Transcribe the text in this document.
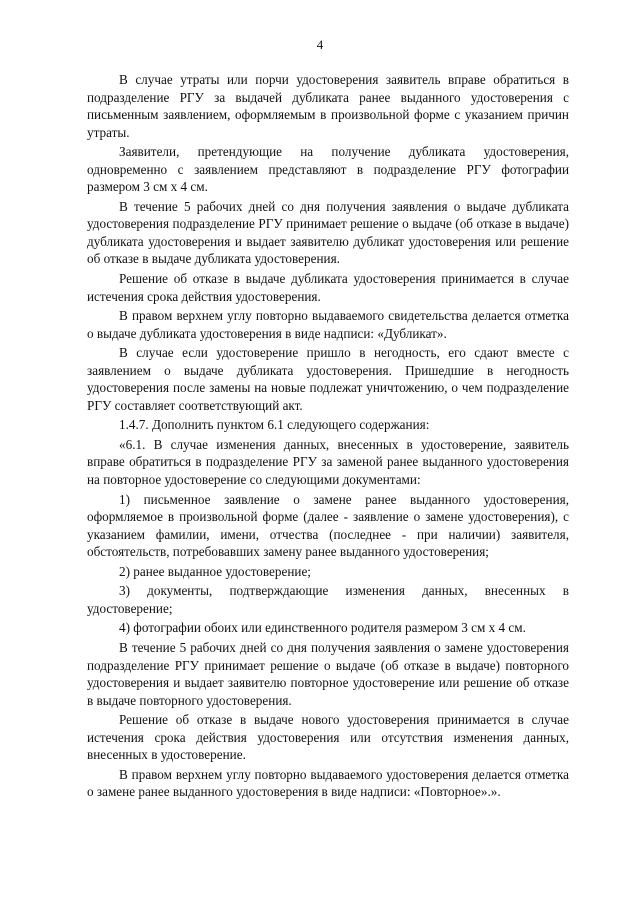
4

В случае утраты или порчи удостоверения заявитель вправе обратиться в подразделение РГУ за выдачей дубликата ранее выданного удостоверения с письменным заявлением, оформляемым в произвольной форме с указанием причин утраты.

Заявители, претендующие на получение дубликата удостоверения, одновременно с заявлением представляют в подразделение РГУ фотографии размером 3 см x 4 см.

В течение 5 рабочих дней со дня получения заявления о выдаче дубликата удостоверения подразделение РГУ принимает решение о выдаче (об отказе в выдаче) дубликата удостоверения и выдает заявителю дубликат удостоверения или решение об отказе в выдаче дубликата удостоверения.

Решение об отказе в выдаче дубликата удостоверения принимается в случае истечения срока действия удостоверения.

В правом верхнем углу повторно выдаваемого свидетельства делается отметка о выдаче дубликата удостоверения в виде надписи: «Дубликат».

В случае если удостоверение пришло в негодность, его сдают вместе с заявлением о выдаче дубликата удостоверения. Пришедшие в негодность удостоверения после замены на новые подлежат уничтожению, о чем подразделение РГУ составляет соответствующий акт.

1.4.7. Дополнить пунктом 6.1 следующего содержания:

«6.1. В случае изменения данных, внесенных в удостоверение, заявитель вправе обратиться в подразделение РГУ за заменой ранее выданного удостоверения на повторное удостоверение со следующими документами:

1) письменное заявление о замене ранее выданного удостоверения, оформляемое в произвольной форме (далее - заявление о замене удостоверения), с указанием фамилии, имени, отчества (последнее - при наличии) заявителя, обстоятельств, потребовавших замену ранее выданного удостоверения;

2) ранее выданное удостоверение;

3) документы, подтверждающие изменения данных, внесенных в удостоверение;

4) фотографии обоих или единственного родителя размером 3 см x 4 см.

В течение 5 рабочих дней со дня получения заявления о замене удостоверения подразделение РГУ принимает решение о выдаче (об отказе в выдаче) повторного удостоверения и выдает заявителю повторное удостоверение или решение об отказе в выдаче повторного удостоверения.

Решение об отказе в выдаче нового удостоверения принимается в случае истечения срока действия удостоверения или отсутствия изменения данных, внесенных в удостоверение.

В правом верхнем углу повторно выдаваемого удостоверения делается отметка о замене ранее выданного удостоверения в виде надписи: «Повторное».».
